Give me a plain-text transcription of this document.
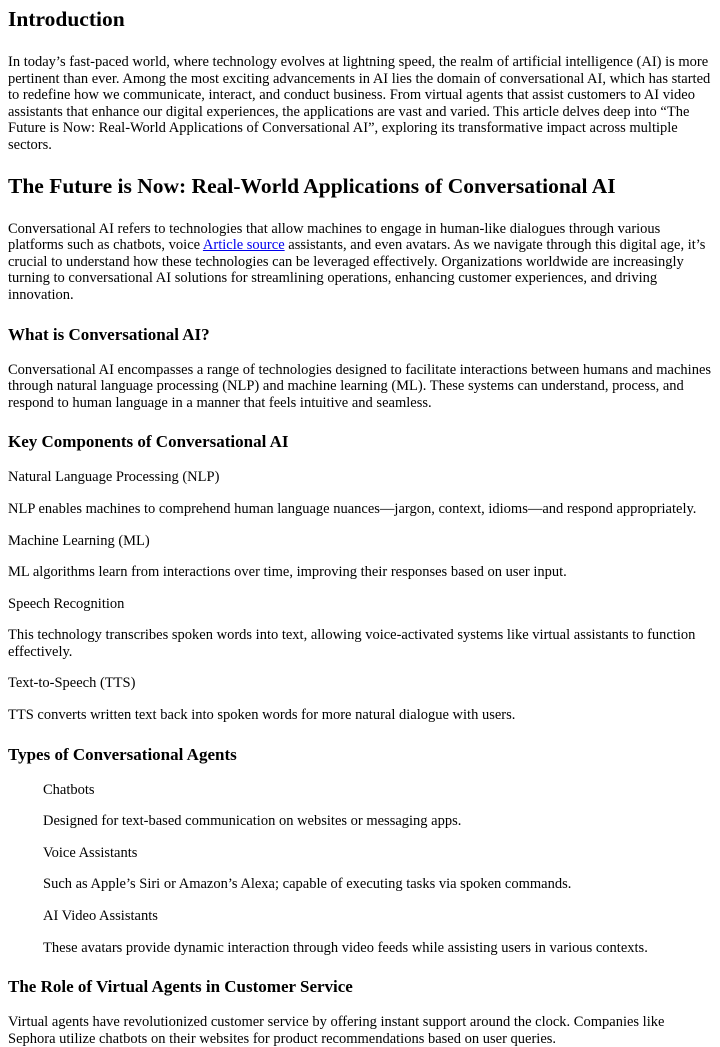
Introduction

In today’s fast-paced world, where technology evolves at lightning speed, the realm of artificial intelligence (AI) is more pertinent than ever. Among the most exciting advancements in AI lies the domain of conversational AI, which has started to redefine how we communicate, interact, and conduct business. From virtual agents that assist customers to AI video assistants that enhance our digital experiences, the applications are vast and varied. This article delves deep into “The Future is Now: Real-World Applications of Conversational AI”, exploring its transformative impact across multiple sectors.

The Future is Now: Real-World Applications of Conversational AI

Conversational AI refers to technologies that allow machines to engage in human-like dialogues through various platforms such as chatbots, voice Article source assistants, and even avatars. As we navigate through this digital age, it’s crucial to understand how these technologies can be leveraged effectively. Organizations worldwide are increasingly turning to conversational AI solutions for streamlining operations, enhancing customer experiences, and driving innovation.

What is Conversational AI?

Conversational AI encompasses a range of technologies designed to facilitate interactions between humans and machines through natural language processing (NLP) and machine learning (ML). These systems can understand, process, and respond to human language in a manner that feels intuitive and seamless.

Key Components of Conversational AI

Natural Language Processing (NLP)

NLP enables machines to comprehend human language nuances—jargon, context, idioms—and respond appropriately.

Machine Learning (ML)

ML algorithms learn from interactions over time, improving their responses based on user input.

Speech Recognition

This technology transcribes spoken words into text, allowing voice-activated systems like virtual assistants to function effectively.

Text-to-Speech (TTS)

TTS converts written text back into spoken words for more natural dialogue with users.

Types of Conversational Agents

Chatbots

Designed for text-based communication on websites or messaging apps.

Voice Assistants

Such as Apple’s Siri or Amazon’s Alexa; capable of executing tasks via spoken commands.

AI Video Assistants

These avatars provide dynamic interaction through video feeds while assisting users in various contexts.

The Role of Virtual Agents in Customer Service

Virtual agents have revolutionized customer service by offering instant support around the clock. Companies like Sephora utilize chatbots on their websites for product recommendations based on user queries.
